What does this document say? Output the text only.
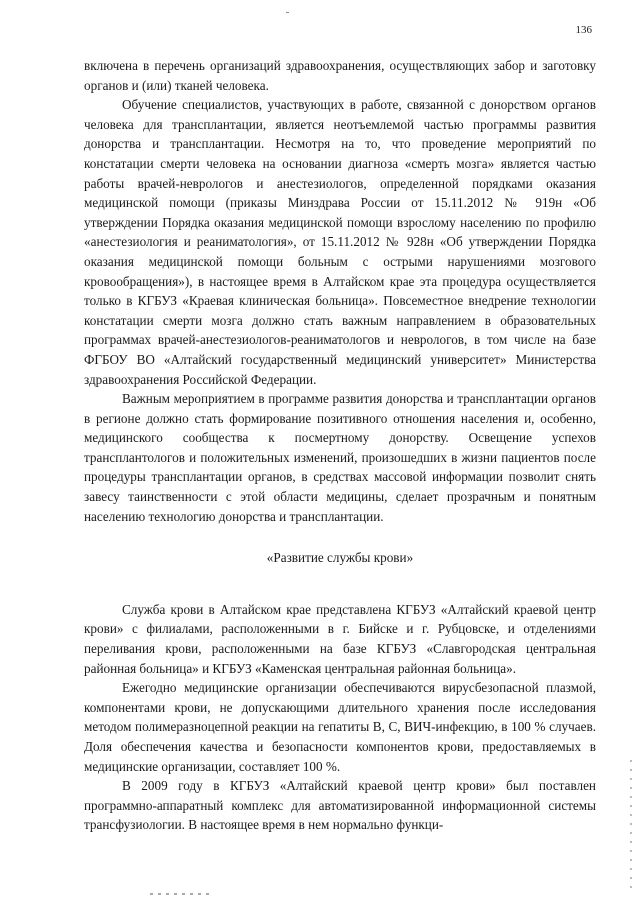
136

включена в перечень организаций здравоохранения, осуществляющих забор и заготовку органов и (или) тканей человека.

Обучение специалистов, участвующих в работе, связанной с донорством органов человека для трансплантации, является неотъемлемой частью программы развития донорства и трансплантации. Несмотря на то, что проведение мероприятий по констатации смерти человека на основании диагноза «смерть мозга» является частью работы врачей-неврологов и анестезиологов, определенной порядками оказания медицинской помощи (приказы Минздрава России от 15.11.2012 № 919н «Об утверждении Порядка оказания медицинской помощи взрослому населению по профилю «анестезиология и реаниматология», от 15.11.2012 № 928н «Об утверждении Порядка оказания медицинской помощи больным с острыми нарушениями мозгового кровообращения»), в настоящее время в Алтайском крае эта процедура осуществляется только в КГБУЗ «Краевая клиническая больница». Повсеместное внедрение технологии констатации смерти мозга должно стать важным направлением в образовательных программах врачей-анестезиологов-реаниматологов и неврологов, в том числе на базе ФГБОУ ВО «Алтайский государственный медицинский университет» Министерства здравоохранения Российской Федерации.

Важным мероприятием в программе развития донорства и трансплантации органов в регионе должно стать формирование позитивного отношения населения и, особенно, медицинского сообщества к посмертному донорству. Освещение успехов трансплантологов и положительных изменений, произошедших в жизни пациентов после процедуры трансплантации органов, в средствах массовой информации позволит снять завесу таинственности с этой области медицины, сделает прозрачным и понятным населению технологию донорства и трансплантации.

«Развитие службы крови»

Служба крови в Алтайском крае представлена КГБУЗ «Алтайский краевой центр крови» с филиалами, расположенными в г. Бийске и г. Рубцовске, и отделениями переливания крови, расположенными на базе КГБУЗ «Славгородская центральная районная больница» и КГБУЗ «Каменская центральная районная больница».

Ежегодно медицинские организации обеспечиваются вирусбезопасной плазмой, компонентами крови, не допускающими длительного хранения после исследования методом полимеразноцепной реакции на гепатиты B, C, ВИЧ-инфекцию, в 100 % случаев. Доля обеспечения качества и безопасности компонентов крови, предоставляемых в медицинские организации, составляет 100 %.

В 2009 году в КГБУЗ «Алтайский краевой центр крови» был поставлен программно-аппаратный комплекс для автоматизированной информационной системы трансфузиологии. В настоящее время в нем нормально функци-
